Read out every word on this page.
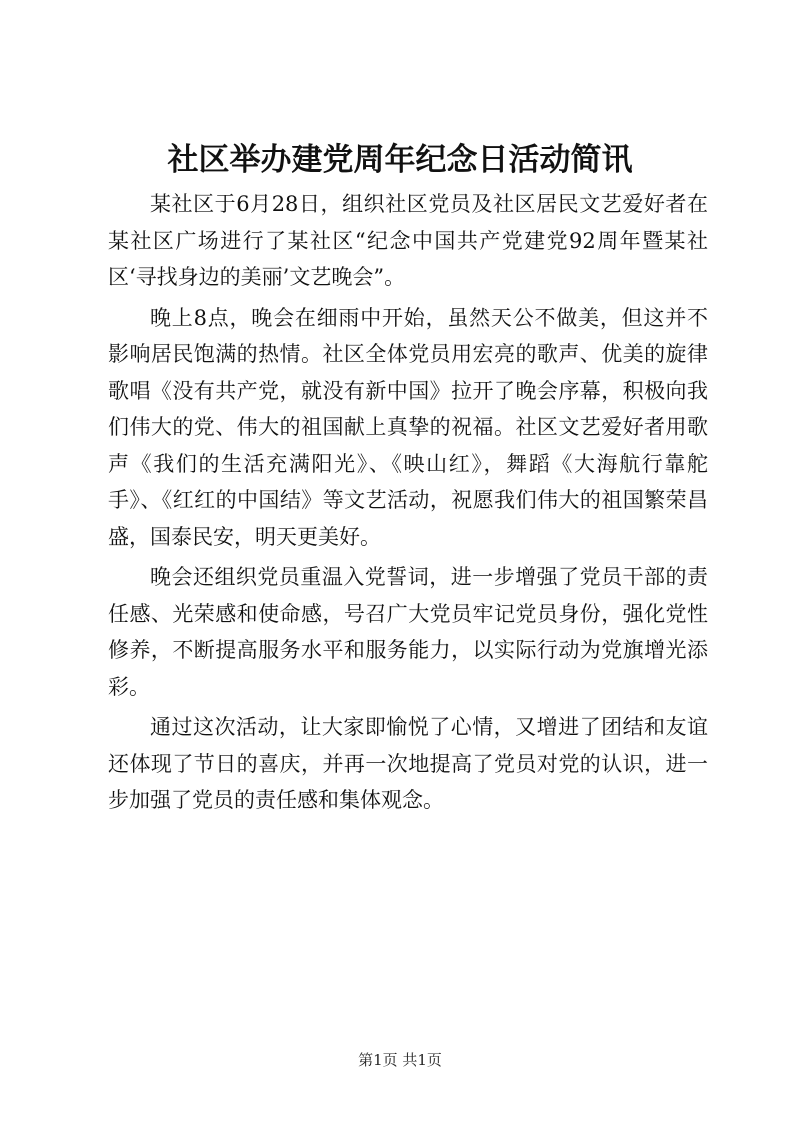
社区举办建党周年纪念日活动简讯

某社区于6月28日，组织社区党员及社区居民文艺爱好者在某社区广场进行了某社区“纪念中国共产党建党92周年暨某社区‘寻找身边的美丽’文艺晚会”。

晚上8点，晚会在细雨中开始，虽然天公不做美，但这并不影响居民饱满的热情。社区全体党员用宏亮的歌声、优美的旋律歌唱《没有共产党，就没有新中国》拉开了晚会序幕，积极向我们伟大的党、伟大的祖国献上真挚的祝福。社区文艺爱好者用歌声《我们的生活充满阳光》、《映山红》，舞蹈《大海航行靠舵手》、《红红的中国结》等文艺活动，祝愿我们伟大的祖国繁荣昌盛，国泰民安，明天更美好。

晚会还组织党员重温入党誓词，进一步增强了党员干部的责任感、光荣感和使命感，号召广大党员牢记党员身份，强化党性修养，不断提高服务水平和服务能力，以实际行动为党旗增光添彩。

通过这次活动，让大家即愉悦了心情，又增进了团结和友谊还体现了节日的喜庆，并再一次地提高了党员对党的认识，进一步加强了党员的责任感和集体观念。

第1页 共1页
